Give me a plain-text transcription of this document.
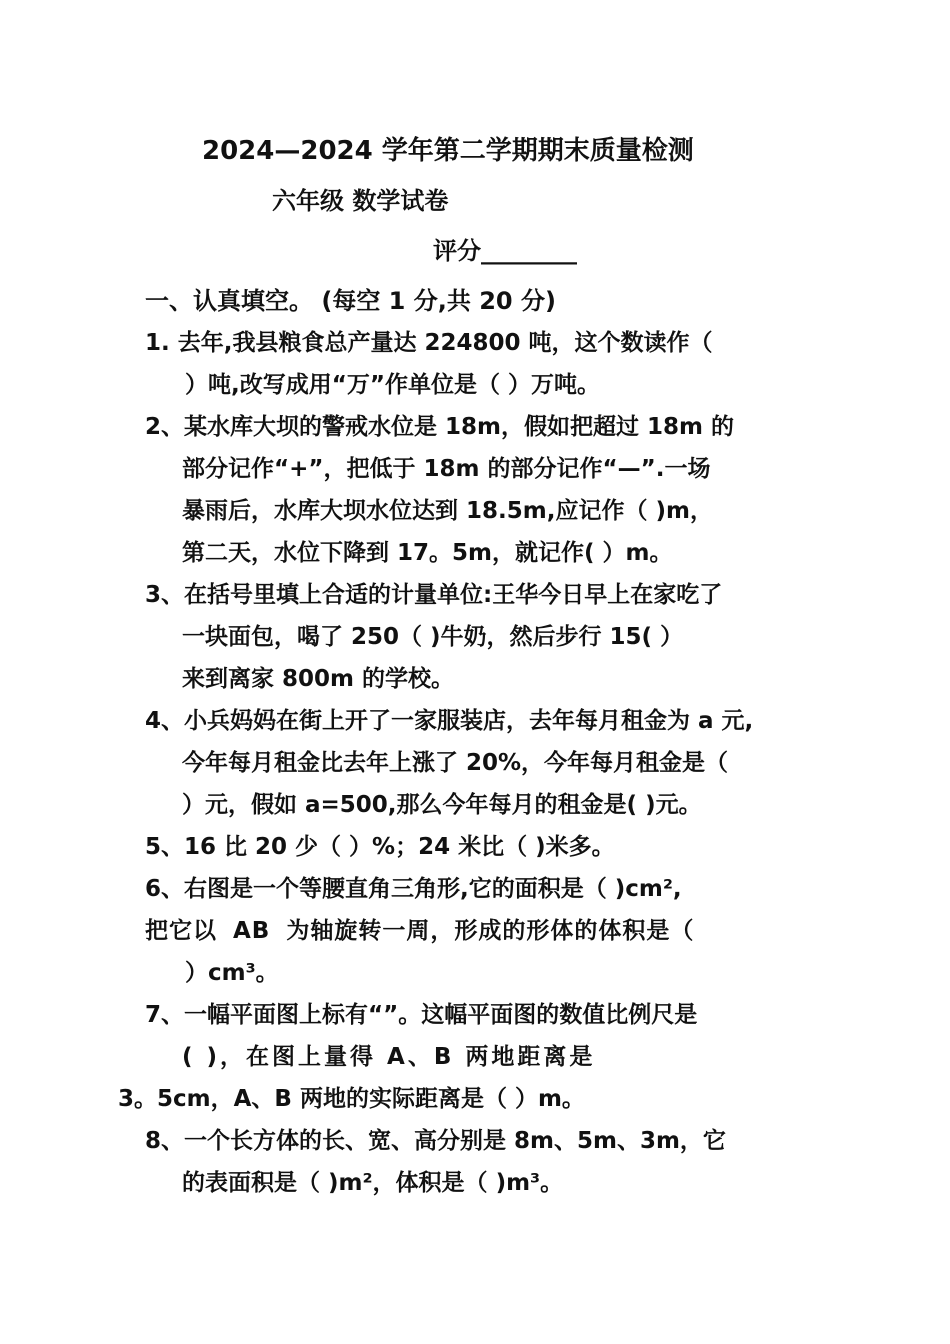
2024—2024 学年第二学期期末质量检测
六年级 数学试卷
评分________
一、认真填空。 (每空 1 分,共 20 分)
1. 去年,我县粮食总产量达 224800 吨，这个数读作（
）吨,改写成用“万”作单位是（ ）万吨。
2、某水库大坝的警戒水位是 18m，假如把超过 18m 的
部分记作“+”，把低于 18m 的部分记作“—”.一场
暴雨后，水库大坝水位达到 18.5m,应记作（ )m，
第二天，水位下降到 17。5m，就记作( ）m。
3、在括号里填上合适的计量单位:王华今日早上在家吃了
一块面包，喝了 250（ )牛奶，然后步行 15( ）
来到离家 800m 的学校。
4、小兵妈妈在街上开了一家服装店，去年每月租金为 a 元,
今年每月租金比去年上涨了 20%，今年每月租金是（
）元，假如 a=500,那么今年每月的租金是( )元。
5、16 比 20 少（ ）%；24 米比（ )米多。
6、右图是一个等腰直角三角形,它的面积是（ )cm²,
把它以 AB 为轴旋转一周，形成的形体的体积是（
）cm³。
7、一幅平面图上标有“”。这幅平面图的数值比例尺是
( )，在图上量得 A、B 两地距离是
3。5cm，A、B 两地的实际距离是（ ）m。
8、一个长方体的长、宽、高分别是 8m、5m、3m，它
的表面积是（ )m²，体积是（ )m³。
